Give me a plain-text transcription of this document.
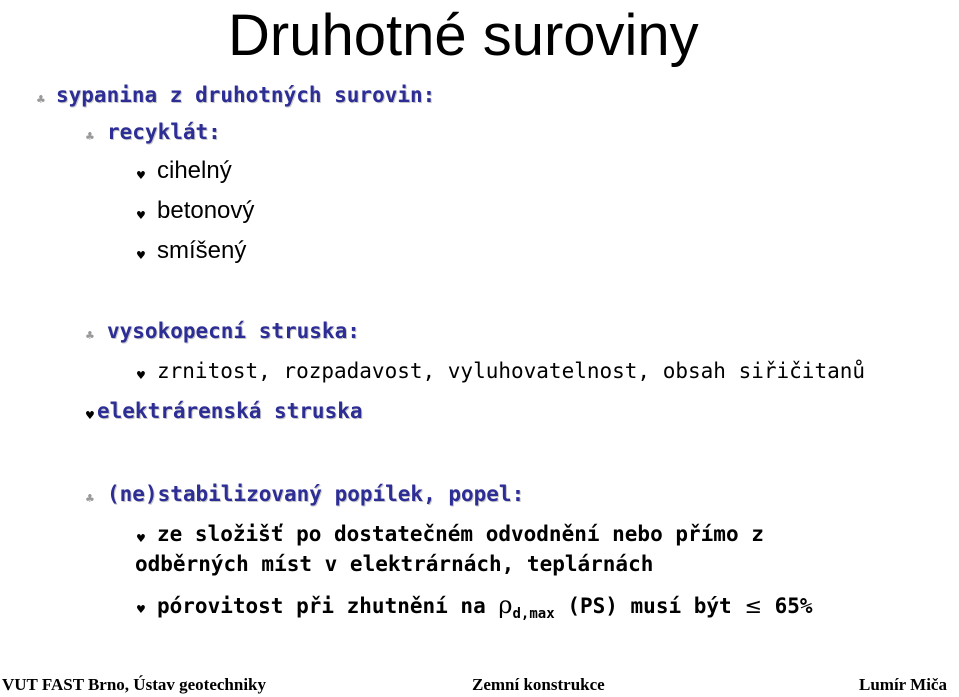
Druhotné suroviny
♣ sypanina z druhotných surovin:
♣ recyklát:
♥ cihelný
♥ betonový
♥ smíšený
♣ vysokopecní struska:
♥ zrnitost, rozpadavost, vyluhovatelnost, obsah siřičitanů
♥ elektrárenská struska
♣ (ne)stabilizovaný popílek, popel:
♥ ze složišť po dostatečném odvodnění nebo přímo z
odběrných míst v elektrárnách, teplárnách
♥ pórovitost při zhutnění na $\rho_{d,max}$ (PS) musí být ≤ 65%
VUT FAST Brno, Ústav geotechniky	Zemní konstrukce	Lumír Miča
